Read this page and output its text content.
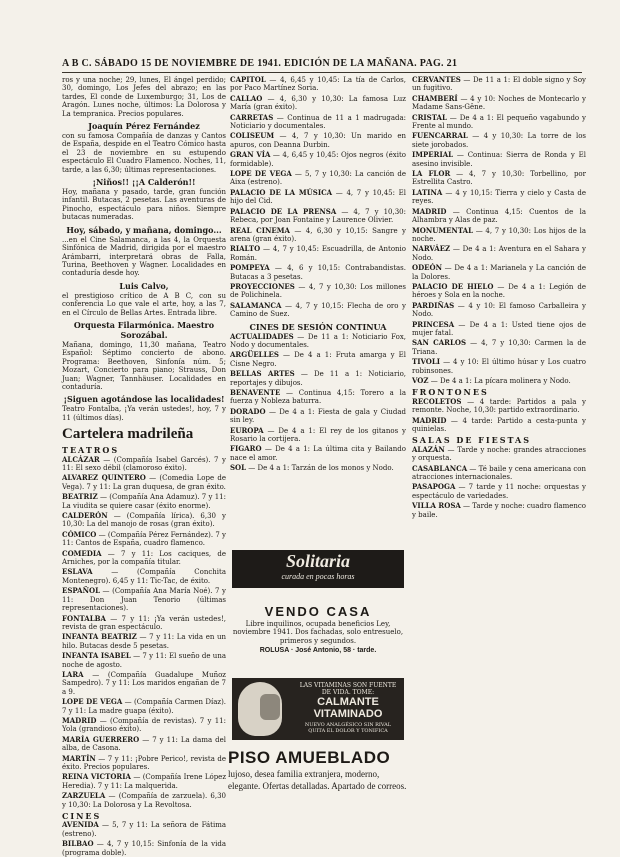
A B C. SÁBADO 15 DE NOVIEMBRE DE 1941. EDICIÓN DE LA MAÑANA. PAG. 21

ros y una noche; 29, lunes, El ángel perdido; 30, domingo, Los Jefes del abrazo; en las tardes, El conde de Luxemburgo; 31, Los de Aragón. Lunes noche, últimos: La Dolorosa y La tempranica. Precios populares.

Joaquín Pérez Fernández

con su famosa Compañía de danzas y Cantos de España, despide en el Teatro Cómico hasta el 23 de noviembre en su estupendo espectáculo El Cuadro Flamenco. Noches, 11, tarde, a las 6,30; últimas representaciones.

¡Niños!! ¡¡A Calderón!!

Hoy, mañana y pasado, tarde, gran función infantil. Butacas, 2 pesetas. Las aventuras de Pinocho, espectáculo para niños. Siempre butacas numeradas.

Hoy, sábado, y mañana, domingo...

...en el Cine Salamanca, a las 4, la Orquesta Sinfónica de Madrid, dirigida por el maestro Arámbarri, interpretará obras de Falla, Turina, Beethoven y Wagner. Localidades en contaduría desde hoy.

Luis Calvo,

el prestigioso crítico de A B C, con su conferencia Lo que vale el arte, hoy, a las 7, en el Círculo de Bellas Artes. Entrada libre.

Orquesta Filarmónica. Maestro Sorozábal.

Mañana, domingo, 11,30 mañana, Teatro Español: Séptimo concierto de abono. Programa: Beethoven, Sinfonía núm. 5; Mozart, Concierto para piano; Strauss, Don Juan; Wagner, Tannhäuser. Localidades en contaduría.

¡Siguen agotándose las localidades!

Teatro Fontalba, ¡Ya verán ustedes!, hoy, 7 y 11 (últimos días).

Cartelera madrileña
TEATROS

ALCÁZAR — (Compañía Isabel Garcés). 7 y 11: El sexo débil (clamoroso éxito).

ALVAREZ QUINTERO — (Comedia Lope de Vega). 7 y 11: La gran duquesa, de gran éxito.

BEATRIZ — (Compañía Ana Adamuz). 7 y 11: La viudita se quiere casar (éxito enorme).

CALDERÓN — (Compañía lírica). 6,30 y 10,30: La del manojo de rosas (gran éxito).

CÓMICO — (Compañía Pérez Fernández). 7 y 11: Cantos de España, cuadro flamenco.

COMEDIA — 7 y 11: Los caciques, de Arniches, por la compañía titular.

ESLAVA — (Compañía Conchita Montenegro). 6,45 y 11: Tic-Tac, de éxito.

ESPAÑOL — (Compañía Ana María Noé). 7 y 11: Don Juan Tenorio (últimas representaciones).

FONTALBA — 7 y 11: ¡Ya verán ustedes!, revista de gran espectáculo.

INFANTA BEATRIZ — 7 y 11: La vida en un hilo. Butacas desde 5 pesetas.

INFANTA ISABEL — 7 y 11: El sueño de una noche de agosto.

LARA — (Compañía Guadalupe Muñoz Sampedro). 7 y 11: Los maridos engañan de 7 a 9.

LOPE DE VEGA — (Compañía Carmen Díaz). 7 y 11: La madre guapa (éxito).

MADRID — (Compañía de revistas). 7 y 11: Yola (grandioso éxito).

MARÍA GUERRERO — 7 y 11: La dama del alba, de Casona.

MARTÍN — 7 y 11: ¡Pobre Perico!, revista de éxito. Precios populares.

REINA VICTORIA — (Compañía Irene López Heredia). 7 y 11: La malquerida.

ZARZUELA — (Compañía de zarzuela). 6,30 y 10,30: La Dolorosa y La Revoltosa.

CINES

AVENIDA — 5, 7 y 11: La señora de Fátima (estreno).

BILBAO — 4, 7 y 10,15: Sinfonía de la vida (programa doble).

CAPITOL — 4, 6,45 y 10,45: La tía de Carlos, por Paco Martínez Soria.

CALLAO — 4, 6,30 y 10,30: La famosa Luz María (gran éxito).

CARRETAS — Continua de 11 a 1 madrugada: Noticiario y documentales.

COLISEUM — 4, 7 y 10,30: Un marido en apuros, con Deanna Durbin.

GRAN VÍA — 4, 6,45 y 10,45: Ojos negros (éxito formidable).

LOPE DE VEGA — 5, 7 y 10,30: La canción de Aixa (estreno).

PALACIO DE LA MÚSICA — 4, 7 y 10,45: El hijo del Cid.

PALACIO DE LA PRENSA — 4, 7 y 10,30: Rebeca, por Joan Fontaine y Laurence Olivier.

REAL CINEMA — 4, 6,30 y 10,15: Sangre y arena (gran éxito).

RIALTO — 4, 7 y 10,45: Escuadrilla, de Antonio Román.

POMPEYA — 4, 6 y 10,15: Contrabandistas. Butacas a 3 pesetas.

PROYECCIONES — 4, 7 y 10,30: Los millones de Polichinela.

SALAMANCA — 4, 7 y 10,15: Flecha de oro y Camino de Suez.

CINES DE SESIÓN CONTINUA

ACTUALIDADES — De 11 a 1: Noticiario Fox, Nodo y documentales.

ARGÜELLES — De 4 a 1: Fruta amarga y El Cisne Negro.

BELLAS ARTES — De 11 a 1: Noticiario, reportajes y dibujos.

BENAVENTE — Continua 4,15: Torero a la fuerza y Nobleza baturra.

DORADO — De 4 a 1: Fiesta de gala y Ciudad sin ley.

EUROPA — De 4 a 1: El rey de los gitanos y Rosario la cortijera.

FIGARO — De 4 a 1: La última cita y Bailando nace el amor.

SOL — De 4 a 1: Tarzán de los monos y Nodo.

Solitaria
curada en pocas horas
VENDO CASA
Libre inquilinos, ocupada beneficios Ley, noviembre 1941. Dos fachadas, solo entresuelo, primeros y segundos.
ROLUSA · José Antonio, 58 · tarde.
LAS VITAMINAS SON FUENTE DE VIDA. TOME:
CALMANTE VITAMINADO
NUEVO ANALGÉSICO SIN RIVAL QUITA EL DOLOR Y TONIFICA
PISO AMUEBLADO
lujoso, desea familia extranjera, moderno, elegante. Ofertas detalladas. Apartado de correos.

CERVANTES — De 11 a 1: El doble signo y Soy un fugitivo.

CHAMBERÍ — 4 y 10: Noches de Montecarlo y Madame Sans-Gêne.

CRISTAL — De 4 a 1: El pequeño vagabundo y Frente al mundo.

FUENCARRAL — 4 y 10,30: La torre de los siete jorobados.

IMPERIAL — Continua: Sierra de Ronda y El asesino invisible.

LA FLOR — 4, 7 y 10,30: Torbellino, por Estrellita Castro.

LATINA — 4 y 10,15: Tierra y cielo y Casta de reyes.

MADRID — Continua 4,15: Cuentos de la Alhambra y Alas de paz.

MONUMENTAL — 4, 7 y 10,30: Los hijos de la noche.

NARVÁEZ — De 4 a 1: Aventura en el Sahara y Nodo.

ODEÓN — De 4 a 1: Marianela y La canción de la Dolores.

PALACIO DE HIELO — De 4 a 1: Legión de héroes y Sola en la noche.

PARDIÑAS — 4 y 10: El famoso Carballeira y Nodo.

PRINCESA — De 4 a 1: Usted tiene ojos de mujer fatal.

SAN CARLOS — 4, 7 y 10,30: Carmen la de Triana.

TIVOLI — 4 y 10: El último húsar y Los cuatro robinsones.

VOZ — De 4 a 1: La pícara molinera y Nodo.

FRONTONES

RECOLETOS — 4 tarde: Partidos a pala y remonte. Noche, 10,30: partido extraordinario.

MADRID — 4 tarde: Partido a cesta-punta y quinielas.

SALAS DE FIESTAS

ALAZÁN — Tarde y noche: grandes atracciones y orquesta.

CASABLANCA — Té baile y cena americana con atracciones internacionales.

PASAPOGA — 7 tarde y 11 noche: orquestas y espectáculo de variedades.

VILLA ROSA — Tarde y noche: cuadro flamenco y baile.
